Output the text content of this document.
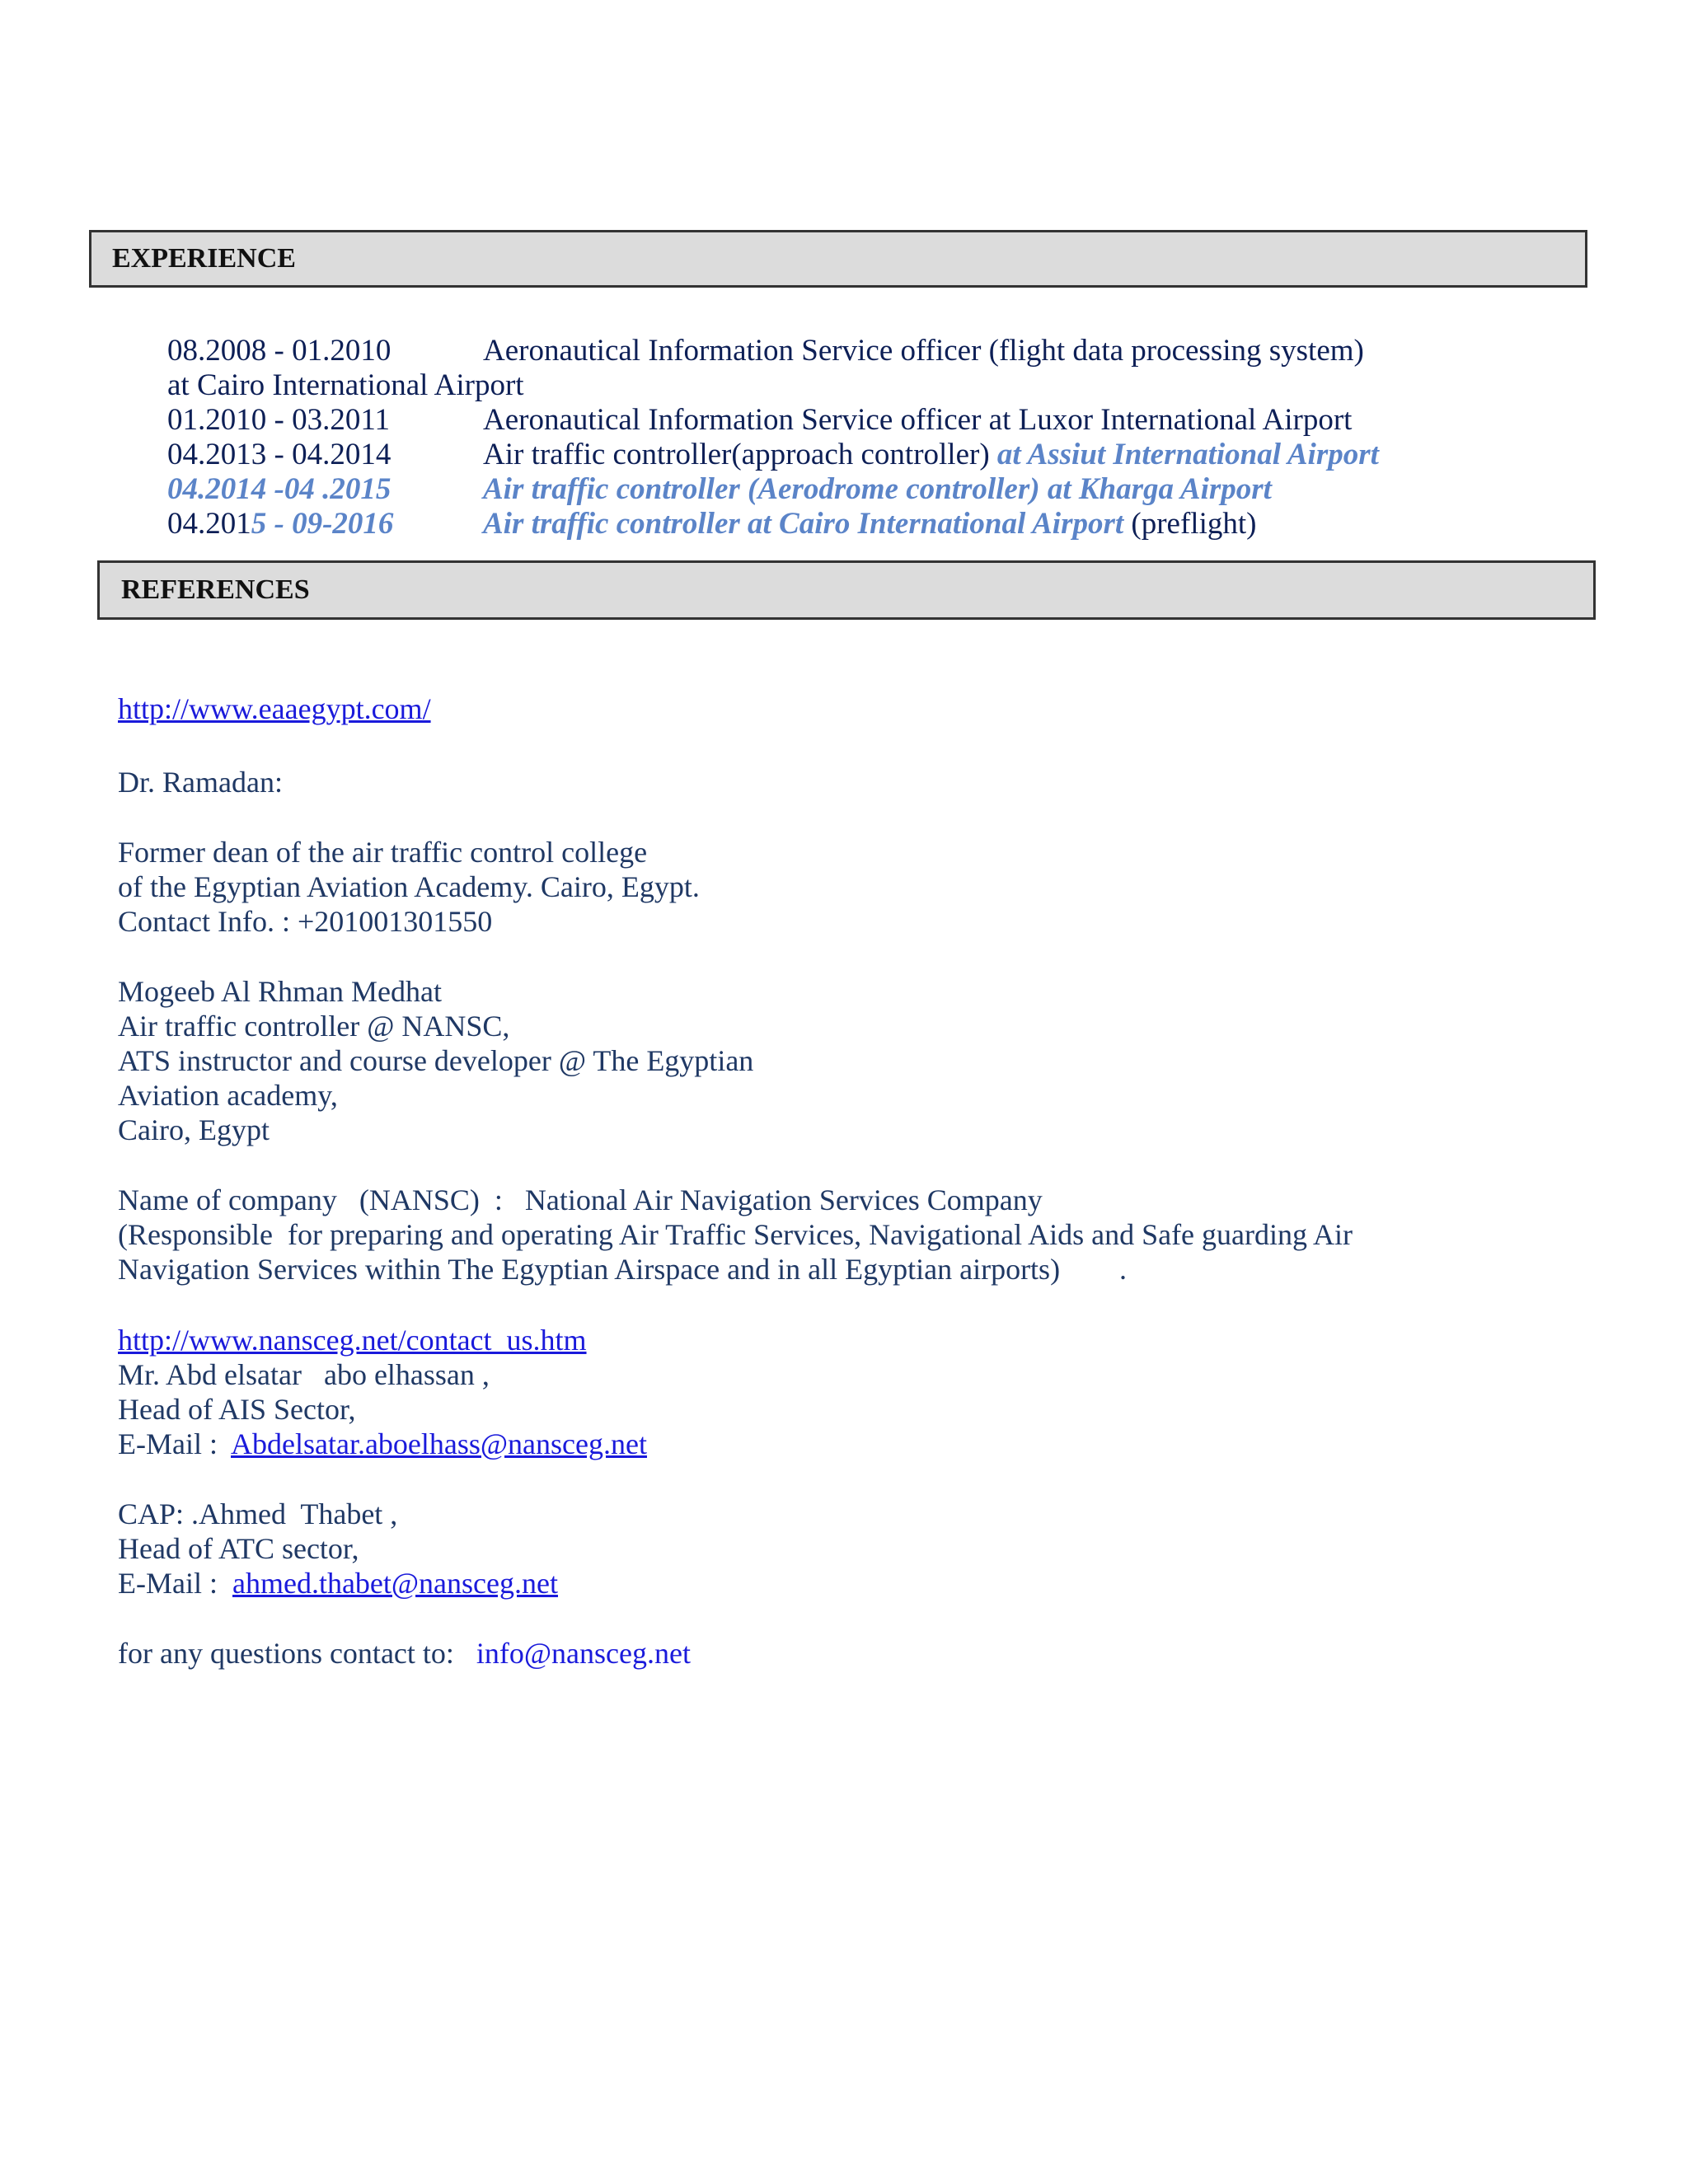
EXPERIENCE
08.2008 - 01.2010	Aeronautical Information Service officer (flight data processing system)
at Cairo International Airport
01.2010 - 03.2011	Aeronautical Information Service officer at Luxor International Airport
04.2013 - 04.2014	Air traffic controller(approach controller) at Assiut International Airport
04.2014 -04 .2015	Air traffic controller (Aerodrome controller) at Kharga Airport
04.2015 - 09-2016	Air traffic controller at Cairo International Airport (preflight)
REFERENCES
http://www.eaaegypt.com/
Dr. Ramadan:
Former dean of the air traffic control college
of the Egyptian Aviation Academy. Cairo, Egypt.
Contact Info. : +201001301550
Mogeeb Al Rhman Medhat
Air traffic controller @ NANSC,
ATS instructor and course developer @ The Egyptian
Aviation academy,
Cairo, Egypt
Name of company   (NANSC)  :   National Air Navigation Services Company
(Responsible  for preparing and operating Air Traffic Services, Navigational Aids and Safe guarding Air
Navigation Services within The Egyptian Airspace and in all Egyptian airports)        .
http://www.nansceg.net/contact_us.htm
Mr. Abd elsatar   abo elhassan ,
Head of AIS Sector,
E-Mail :  Abdelsatar.aboelhass@nansceg.net
CAP: .Ahmed  Thabet ,
Head of ATC sector,
E-Mail :  ahmed.thabet@nansceg.net
for any questions contact to:   info@nansceg.net
